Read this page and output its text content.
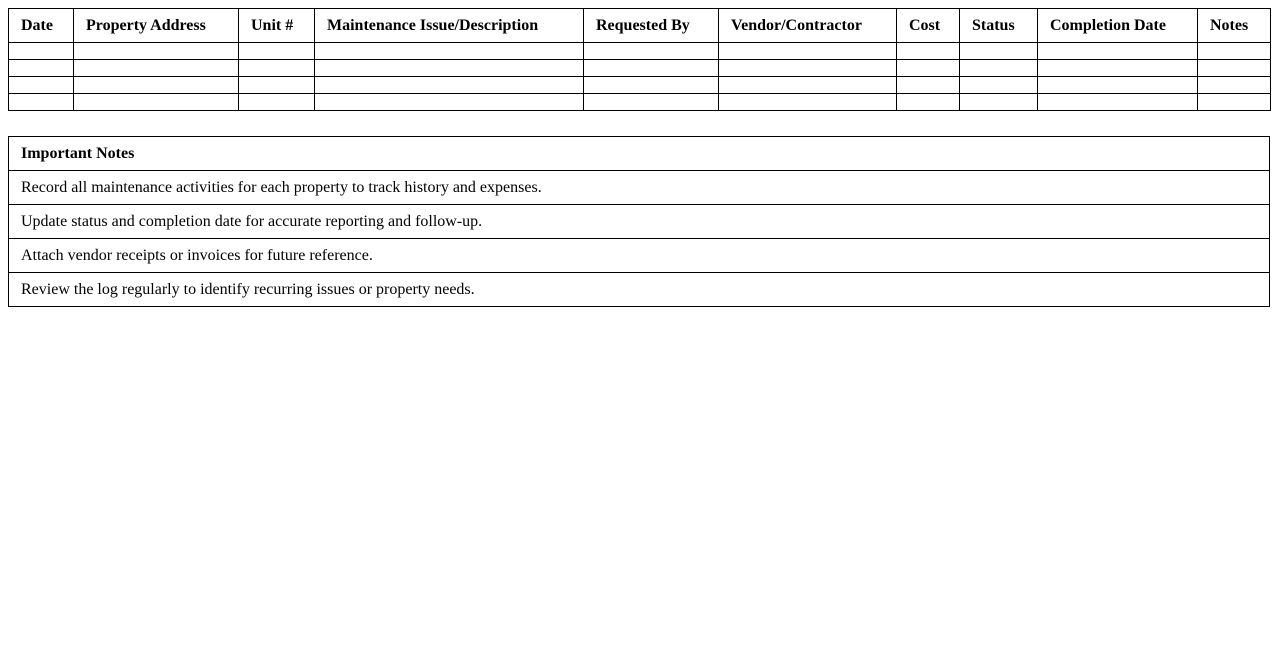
Date	Property Address	Unit #	Maintenance Issue/Description	Requested By	Vendor/Contractor	Cost	Status	Completion Date	Notes

Important Notes
Record all maintenance activities for each property to track history and expenses.
Update status and completion date for accurate reporting and follow-up.
Attach vendor receipts or invoices for future reference.
Review the log regularly to identify recurring issues or property needs.
